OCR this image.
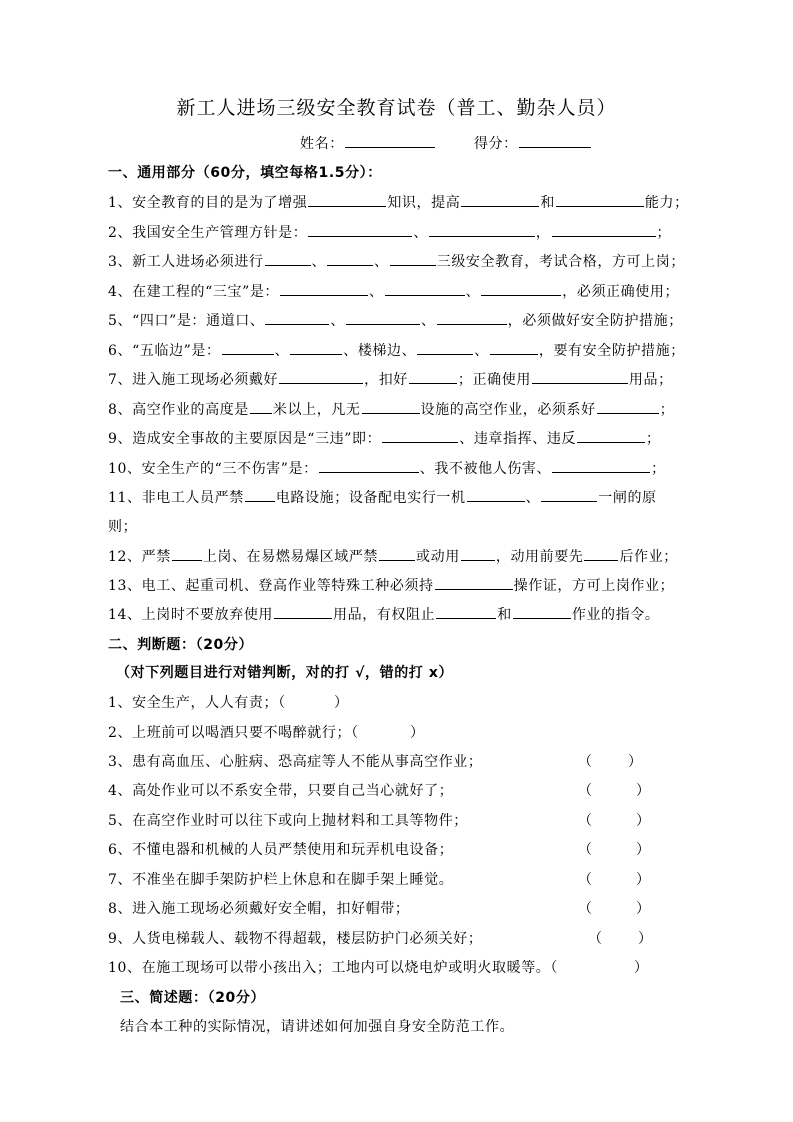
新工人进场三级安全教育试卷（普工、勤杂人员）
姓名：	得分：
一、通用部分（60分，填空每格1.5分）：
1、安全教育的目的是为了增强	知识，提高	和	能力；
2、我国安全生产管理方针是：	、	，	；
3、新工人进场必须进行	、	、	三级安全教育，考试合格，方可上岗；
4、在建工程的“三宝”是：	、	、	，必须正确使用；
5、“四口”是：通道口、	、	、	，必须做好安全防护措施；
6、“五临边”是：	、	、楼梯边、	、	，要有安全防护措施；
7、进入施工现场必须戴好	，扣好	；正确使用	用品；
8、高空作业的高度是 米以上，凡无	设施的高空作业，必须系好	；
9、造成安全事故的主要原因是“三违”即：	、违章指挥、违反	；
10、安全生产的“三不伤害”是：	、我不被他人伤害、	；
11、非电工人员严禁 电路设施；设备配电实行一机	、	一闸的原
则；
12、严禁 上岗、在易燃易爆区域严禁	或动用	，动用前要先	后作业；
13、电工、起重司机、登高作业等特殊工种必须持	操作证，方可上岗作业；
14、上岗时不要放弃使用	用品，有权阻止	和	作业的指令。
二、判断题：（20分）
（对下列题目进行对错判断，对的打 √，错的打 x）
1、安全生产，人人有责；（	）
2、上班前可以喝酒只要不喝醉就行；（	）
3、患有高血压、心脏病、恐高症等人不能从事高空作业；	（	）
4、高处作业可以不系安全带，只要自己当心就好了；	（	）
5、在高空作业时可以往下或向上抛材料和工具等物件；	（	）
6、不懂电器和机械的人员严禁使用和玩弄机电设备；	（	）
7、不准坐在脚手架防护栏上休息和在脚手架上睡觉。	（	）
8、进入施工现场必须戴好安全帽，扣好帽带；	（	）
9、人货电梯载人、载物不得超载，楼层防护门必须关好；	（	）
10、在施工现场可以带小孩出入；工地内可以烧电炉或明火取暖等。（	）
三、简述题：（20分）
结合本工种的实际情况，请讲述如何加强自身安全防范工作。
